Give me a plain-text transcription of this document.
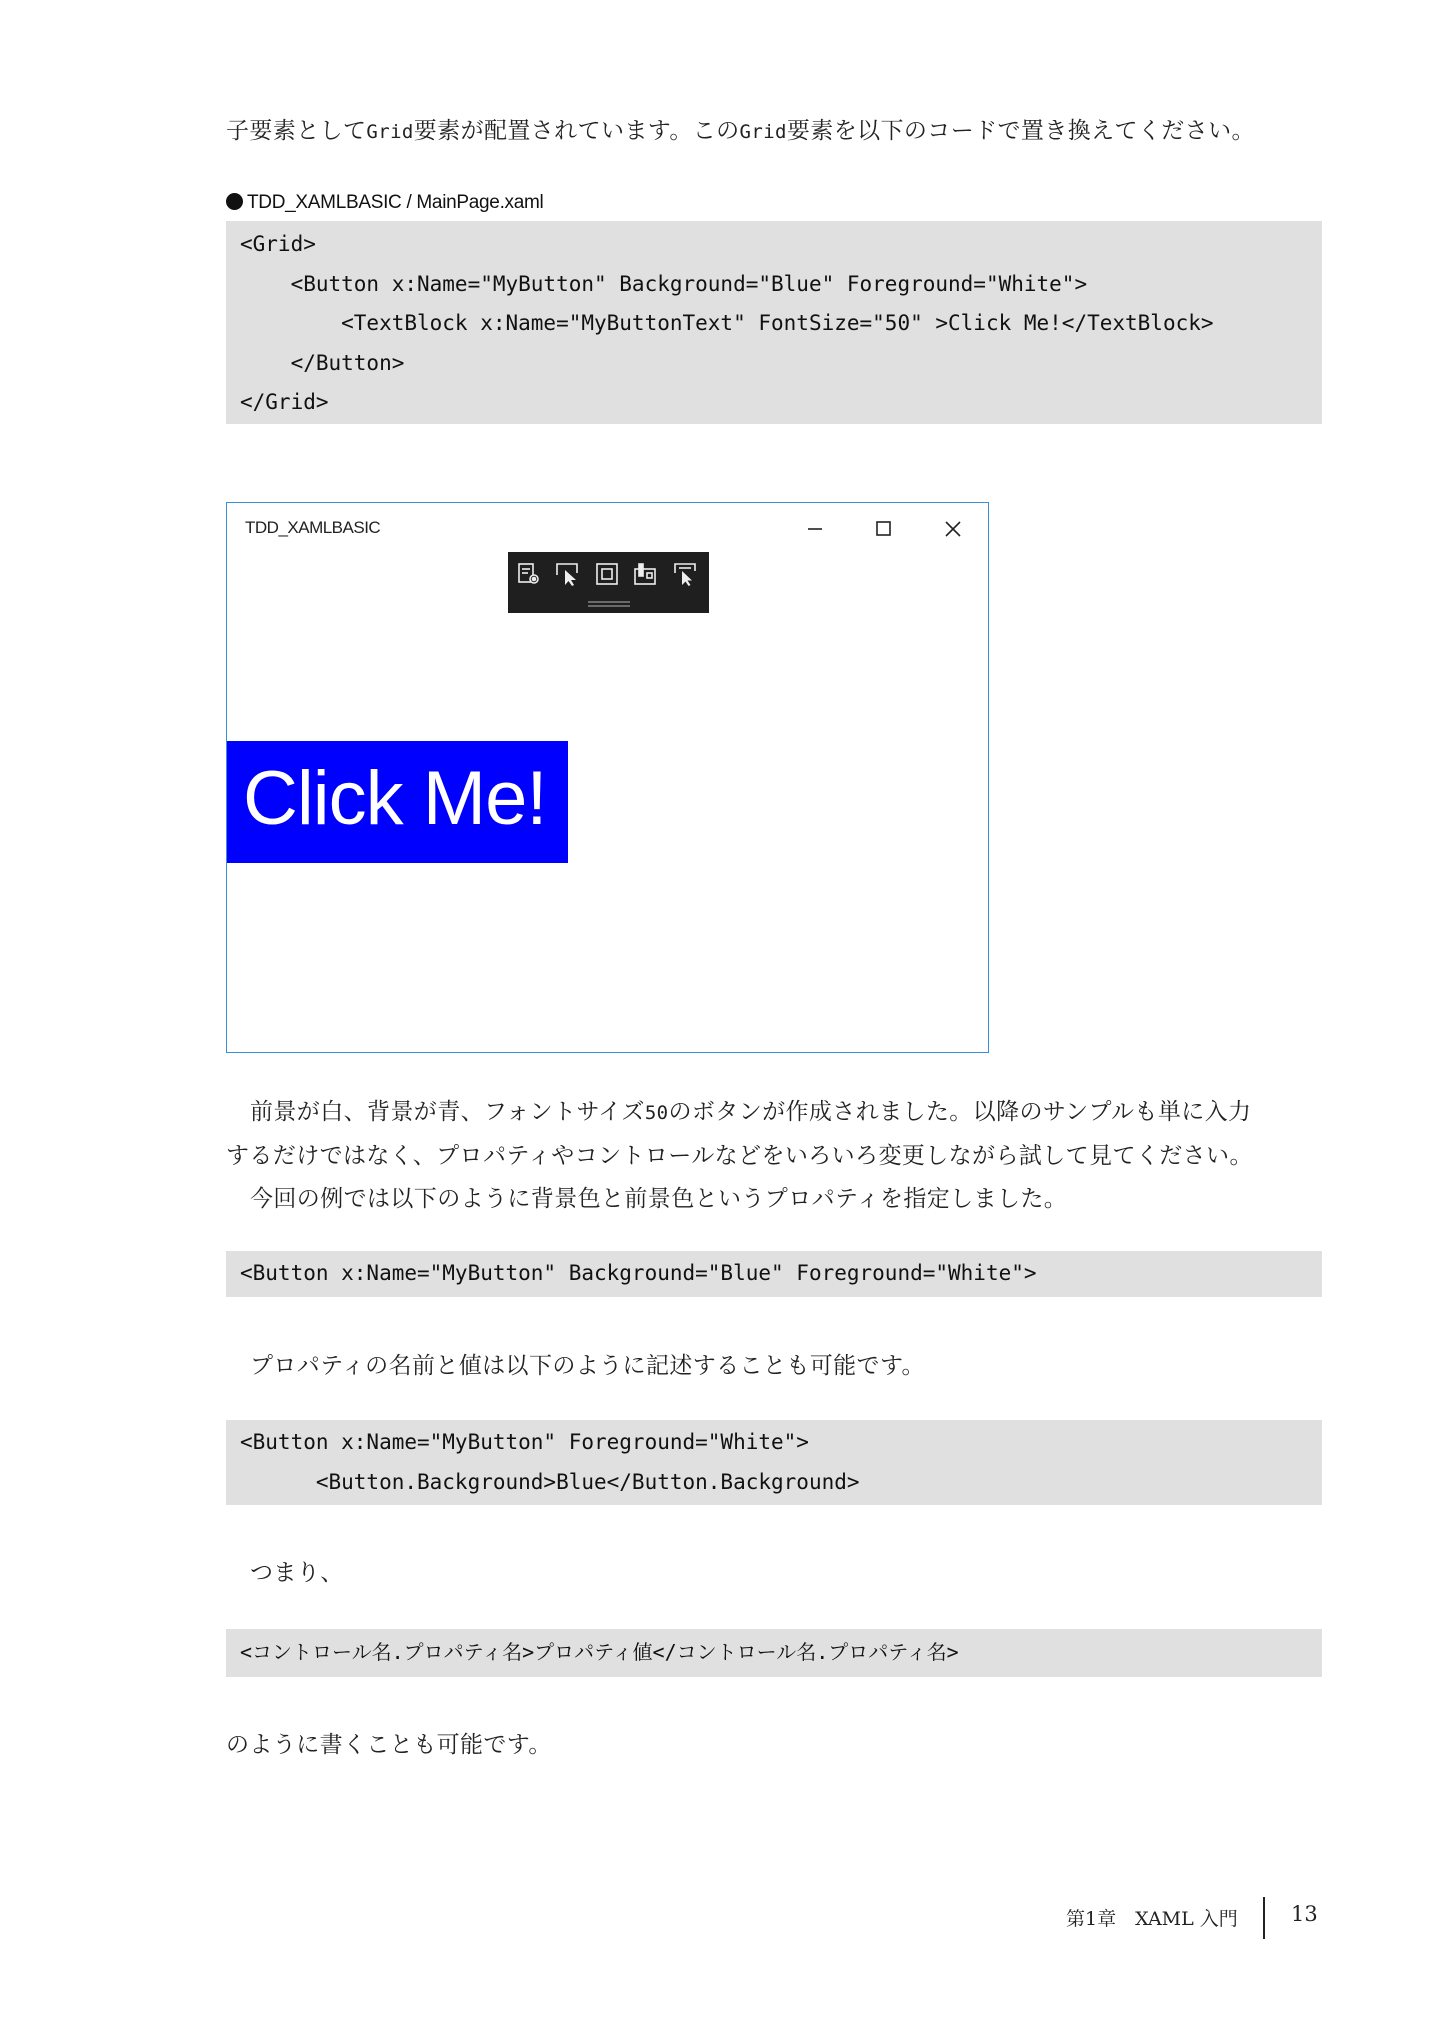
子要素としてGrid要素が配置されています。このGrid要素を以下のコードで置き換えてください。
TDD_XAMLBASIC / MainPage.xaml
<Grid>
<Button x:Name="MyButton" Background="Blue" Foreground="White">
<TextBlock x:Name="MyButtonText" FontSize="50" >Click Me!</TextBlock>
</Button>
</Grid>
TDD_XAMLBASIC
Click Me!
前景が白、背景が青、フォントサイズ50のボタンが作成されました。以降のサンプルも単に入力
するだけではなく、プロパティやコントロールなどをいろいろ変更しながら試して見てください。
今回の例では以下のように背景色と前景色というプロパティを指定しました。
<Button x:Name="MyButton" Background="Blue" Foreground="White">
プロパティの名前と値は以下のように記述することも可能です。
<Button x:Name="MyButton" Foreground="White">
<Button.Background>Blue</Button.Background>
つまり、
<コントロール名.プロパティ名>プロパティ値</コントロール名.プロパティ名>
のように書くことも可能です。
第1章　XAML 入門	13
